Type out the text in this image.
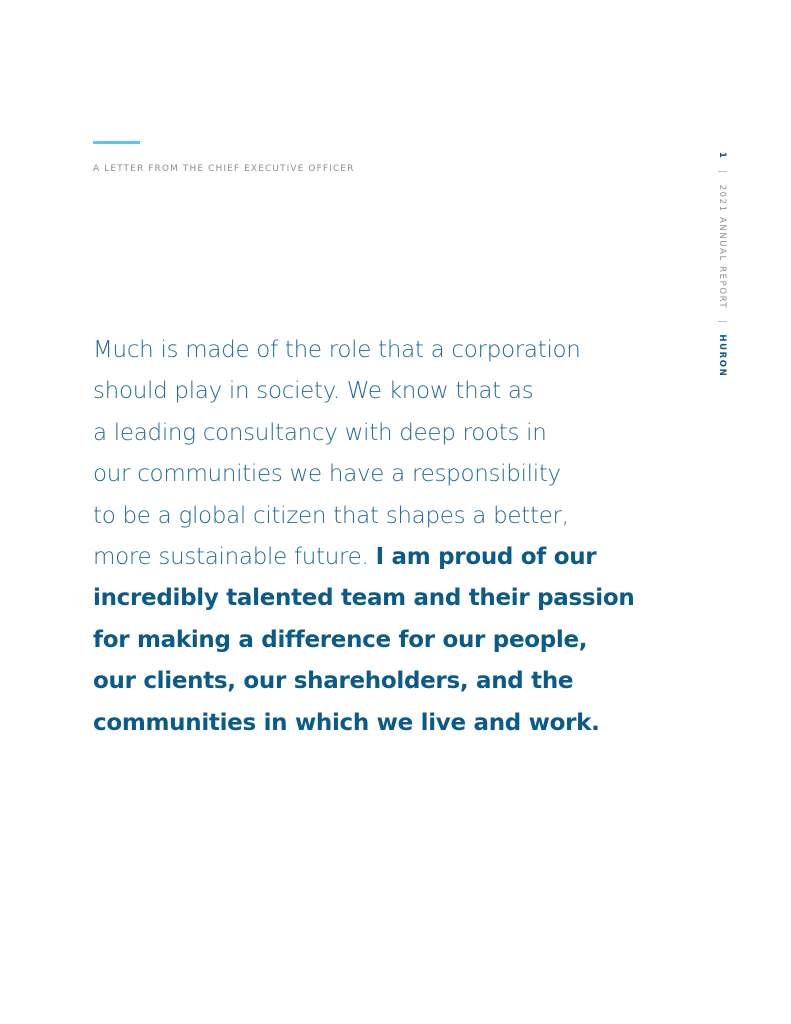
A LETTER FROM THE CHIEF EXECUTIVE OFFICER
1 | 2021 ANNUAL REPORT | HURON
Much is made of the role that a corporation
should play in society. We know that as
a leading consultancy with deep roots in
our communities we have a responsibility
to be a global citizen that shapes a better,
more sustainable future. I am proud of our
incredibly talented team and their passion
for making a difference for our people,
our clients, our shareholders, and the
communities in which we live and work.
